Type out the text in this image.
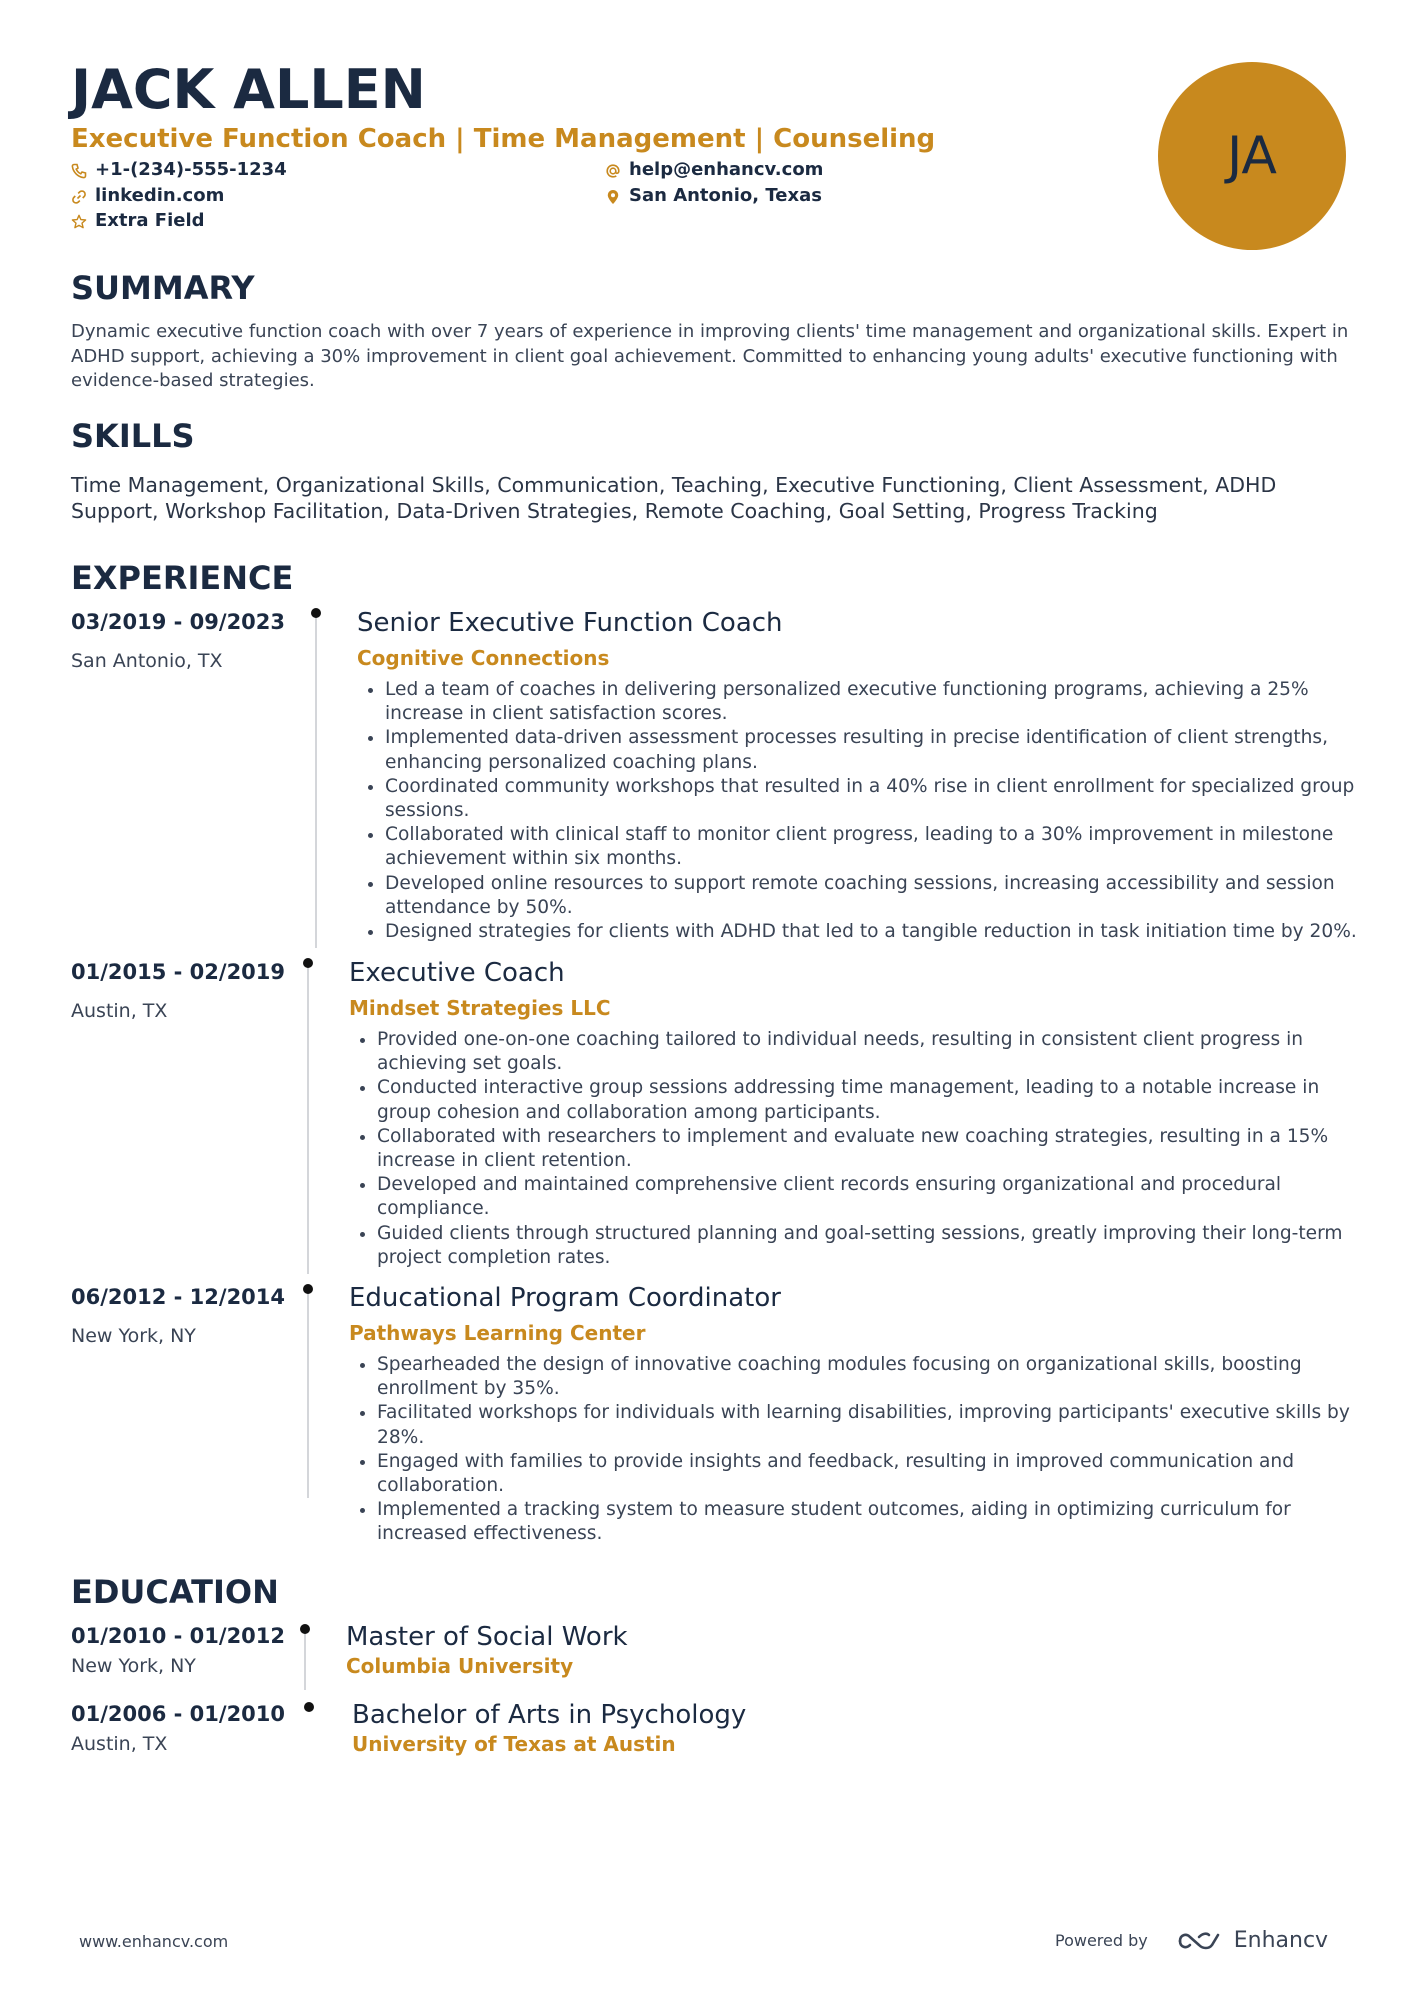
JACK ALLEN
Executive Function Coach | Time Management | Counseling
+1-(234)-555-1234	help@enhancv.com
linkedin.com	San Antonio, Texas
Extra Field
JA
SUMMARY
Dynamic executive function coach with over 7 years of experience in improving clients' time management and organizational skills. Expert in ADHD support, achieving a 30% improvement in client goal achievement. Committed to enhancing young adults' executive functioning with evidence-based strategies.
SKILLS
Time Management, Organizational Skills, Communication, Teaching, Executive Functioning, Client Assessment, ADHD Support, Workshop Facilitation, Data-Driven Strategies, Remote Coaching, Goal Setting, Progress Tracking
EXPERIENCE
03/2019 - 09/2023
San Antonio, TX
Senior Executive Function Coach
Cognitive Connections
• Led a team of coaches in delivering personalized executive functioning programs, achieving a 25% increase in client satisfaction scores.
• Implemented data-driven assessment processes resulting in precise identification of client strengths, enhancing personalized coaching plans.
• Coordinated community workshops that resulted in a 40% rise in client enrollment for specialized group sessions.
• Collaborated with clinical staff to monitor client progress, leading to a 30% improvement in milestone achievement within six months.
• Developed online resources to support remote coaching sessions, increasing accessibility and session attendance by 50%.
• Designed strategies for clients with ADHD that led to a tangible reduction in task initiation time by 20%.
01/2015 - 02/2019
Austin, TX
Executive Coach
Mindset Strategies LLC
• Provided one-on-one coaching tailored to individual needs, resulting in consistent client progress in achieving set goals.
• Conducted interactive group sessions addressing time management, leading to a notable increase in group cohesion and collaboration among participants.
• Collaborated with researchers to implement and evaluate new coaching strategies, resulting in a 15% increase in client retention.
• Developed and maintained comprehensive client records ensuring organizational and procedural compliance.
• Guided clients through structured planning and goal-setting sessions, greatly improving their long-term project completion rates.
06/2012 - 12/2014
New York, NY
Educational Program Coordinator
Pathways Learning Center
• Spearheaded the design of innovative coaching modules focusing on organizational skills, boosting enrollment by 35%.
• Facilitated workshops for individuals with learning disabilities, improving participants' executive skills by 28%.
• Engaged with families to provide insights and feedback, resulting in improved communication and collaboration.
• Implemented a tracking system to measure student outcomes, aiding in optimizing curriculum for increased effectiveness.
EDUCATION
01/2010 - 01/2012
New York, NY
Master of Social Work
Columbia University
01/2006 - 01/2010
Austin, TX
Bachelor of Arts in Psychology
University of Texas at Austin
www.enhancv.com	Powered by	Enhancv
